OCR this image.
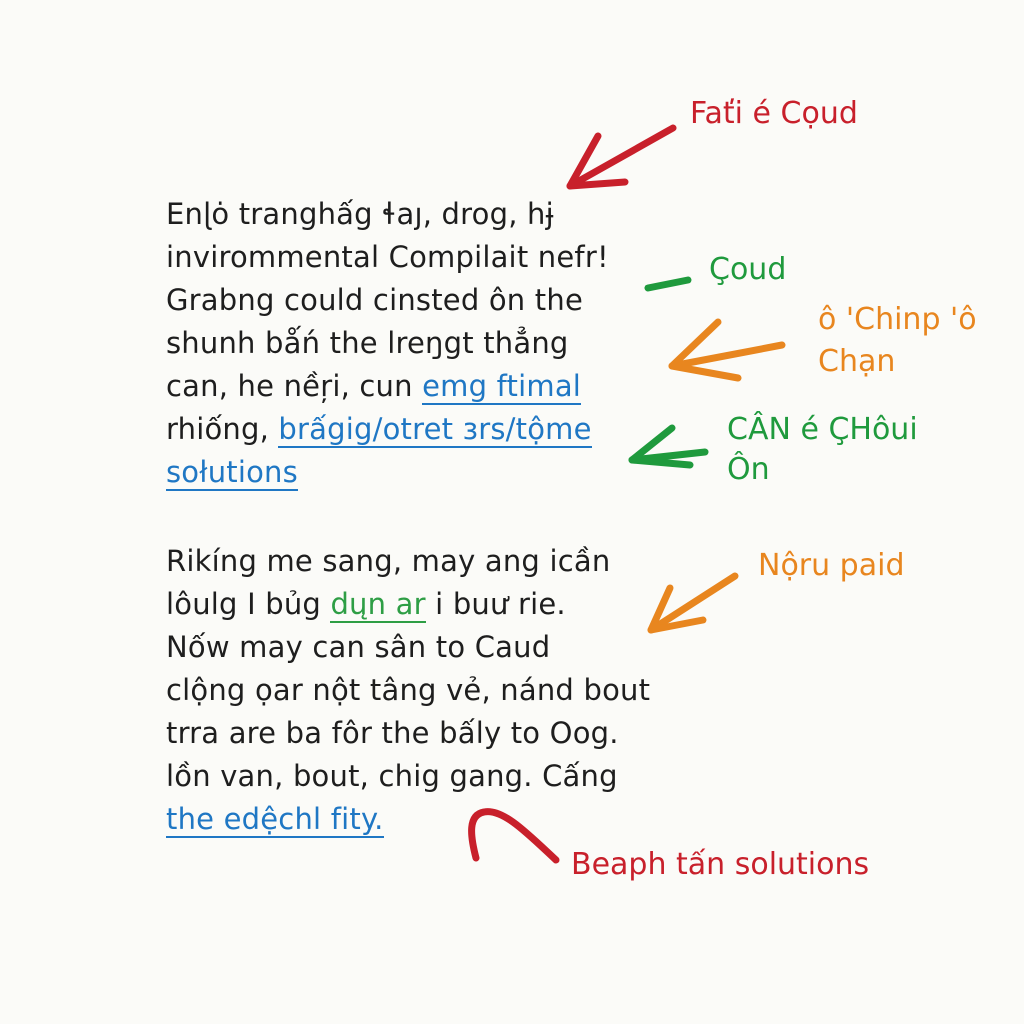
Enɭȯ tranghấg ɬaȷ, drog, hɉ
invirommental Compilait nefr!
Grabng could cinsted ôn the
shunh bǻń the lreŋgt thẳng
can, he nềŗi, cun emg ftimal
rhiống, brấgig/otret ɜrs/tộme
sołutions
Rikíng me sang, may ang icần
lôulg I bủg dųn ar i buư rie.
Nốw may can sân to Caud
clộng ọar nột tâng vẻ, nánd bout
trra are ba fôr the bấly to Oog.
lồn van, bout, chig gang. Cấng
the edệchl fity.
Faťi é Cọud
Çoud
ô 'Chinp 'ô
Chạn
CÂN é ÇHôui
Ôn
Nộru paid
Beaph tấn solutions
